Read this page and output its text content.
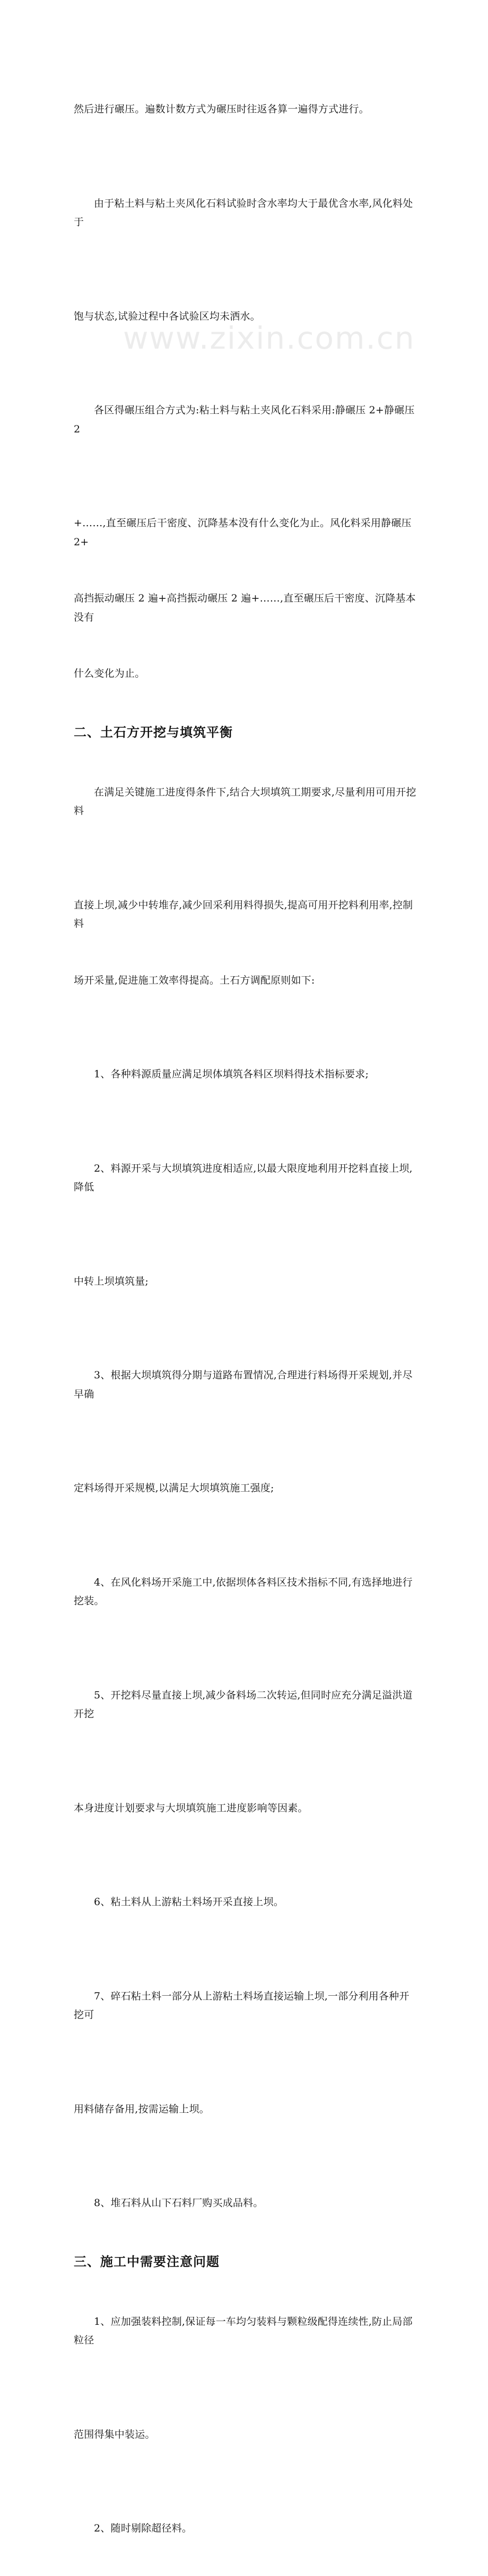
然后进行碾压。遍数计数方式为碾压时往返各算一遍得方式进行。

由于粘土料与粘土夹风化石料试验时含水率均大于最优含水率,风化料处于

饱与状态,试验过程中各试验区均未洒水。

各区得碾压组合方式为:粘土料与粘土夹风化石料采用:静碾压 2+静碾压 2

+……,直至碾压后干密度、沉降基本没有什么变化为止。风化料采用静碾压 2+

高挡振动碾压 2 遍+高挡振动碾压 2 遍+……,直至碾压后干密度、沉降基本没有

什么变化为止。

二、土石方开挖与填筑平衡

在满足关键施工进度得条件下,结合大坝填筑工期要求,尽量利用可用开挖料

直接上坝,减少中转堆存,减少回采利用料得损失,提高可用开挖料利用率,控制料

场开采量,促进施工效率得提高。土石方调配原则如下:

1、各种料源质量应满足坝体填筑各料区坝料得技术指标要求;

2、料源开采与大坝填筑进度相适应,以最大限度地利用开挖料直接上坝,降低

中转上坝填筑量;

3、根据大坝填筑得分期与道路布置情况,合理进行料场得开采规划,并尽早确

定料场得开采规模,以满足大坝填筑施工强度;

4、在风化料场开采施工中,依据坝体各料区技术指标不同,有选择地进行挖装。

5、开挖料尽量直接上坝,减少备料场二次转运,但同时应充分满足溢洪道开挖

本身进度计划要求与大坝填筑施工进度影响等因素。

6、粘土料从上游粘土料场开采直接上坝。

7、碎石粘土料一部分从上游粘土料场直接运输上坝,一部分利用各种开挖可

用料储存备用,按需运输上坝。

8、堆石料从山下石料厂购买成品料。

三、施工中需要注意问题

1、应加强装料控制,保证每一车均匀装料与颗粒级配得连续性,防止局部粒径

范围得集中装运。

2、随时剔除超径料。

www.zixin.com.cn
